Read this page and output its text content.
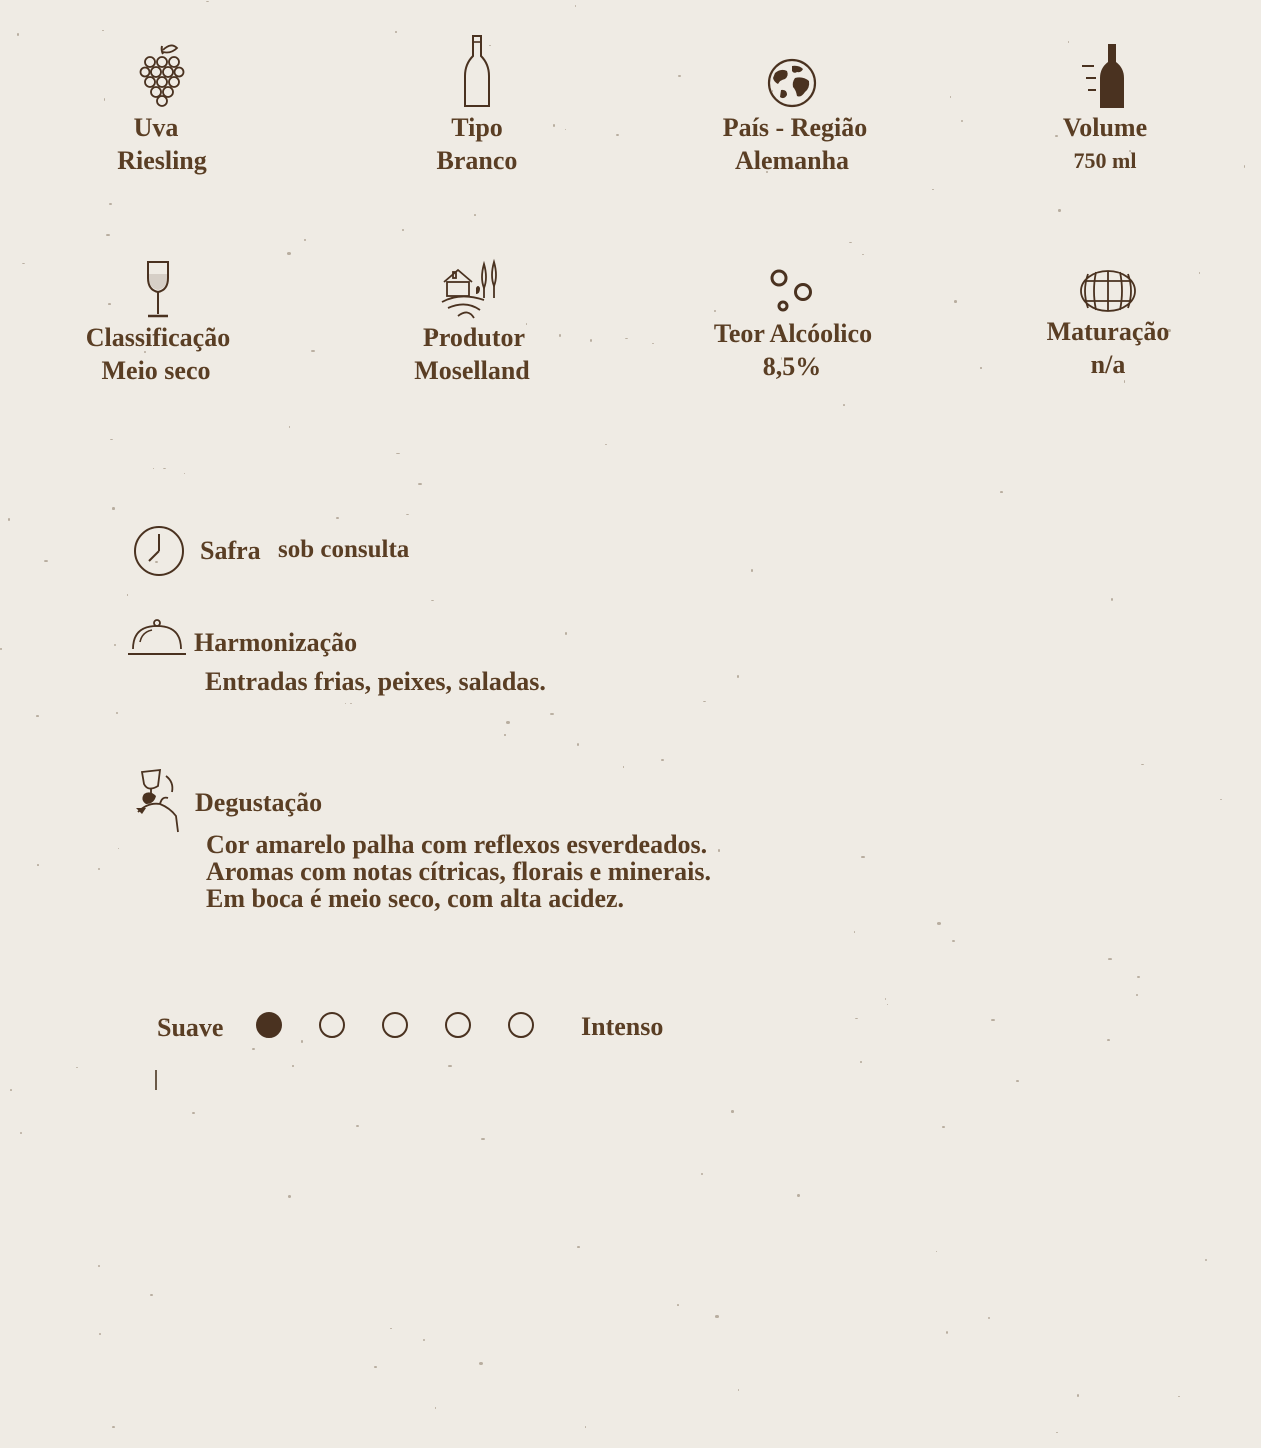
Uva
Riesling
Tipo
Branco
País - Região
Alemanha
Volume
750 ml
Classificação
Meio seco
Produtor
Moselland
Teor Alcóolico
8,5%
Maturação
n/a
Safra sob consulta
Harmonização
Entradas frias, peixes, saladas.
Degustação
Cor amarelo palha com reflexos esverdeados.
Aromas com notas cítricas, florais e minerais.
Em boca é meio seco, com alta acidez.
Suave	Intenso
